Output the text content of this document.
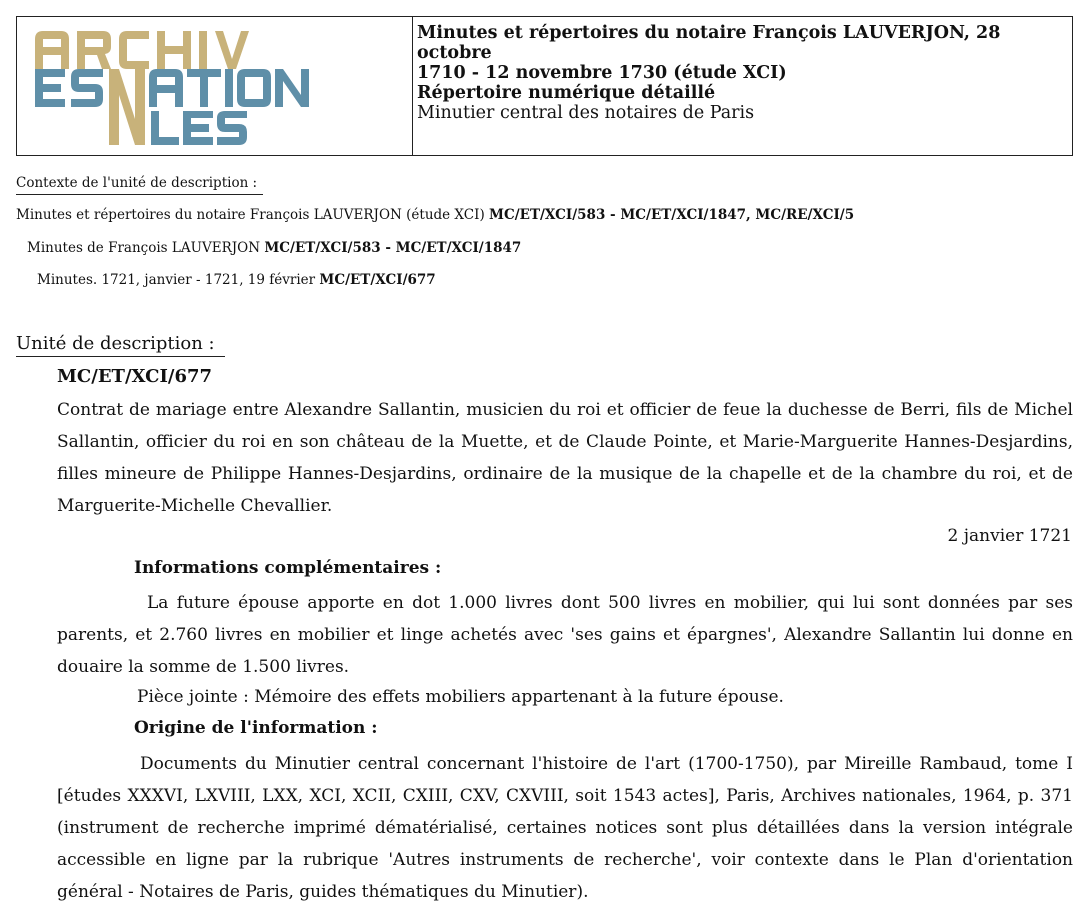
Minutes et répertoires du notaire François LAUVERJON, 28 octobre
1710 - 12 novembre 1730 (étude XCI)
Répertoire numérique détaillé
Minutier central des notaires de Paris
Contexte de l'unité de description :
Minutes et répertoires du notaire François LAUVERJON (étude XCI) MC/ET/XCI/583 - MC/ET/XCI/1847, MC/RE/XCI/5
Minutes de François LAUVERJON MC/ET/XCI/583 - MC/ET/XCI/1847
Minutes. 1721, janvier - 1721, 19 février MC/ET/XCI/677
Unité de description :
MC/ET/XCI/677
Contrat de mariage entre Alexandre Sallantin, musicien du roi et officier de feue la duchesse de Berri, fils de Michel Sallantin, officier du roi en son château de la Muette, et de Claude Pointe, et Marie-Marguerite Hannes-Desjardins, filles mineure de Philippe Hannes-Desjardins, ordinaire de la musique de la chapelle et de la chambre du roi, et de Marguerite-Michelle Chevallier.
2 janvier 1721
Informations complémentaires :
La future épouse apporte en dot 1.000 livres dont 500 livres en mobilier, qui lui sont données par ses parents, et 2.760 livres en mobilier et linge achetés avec 'ses gains et épargnes', Alexandre Sallantin lui donne en douaire la somme de 1.500 livres.
Pièce jointe : Mémoire des effets mobiliers appartenant à la future épouse.
Origine de l'information :
Documents du Minutier central concernant l'histoire de l'art (1700-1750), par Mireille Rambaud, tome I [études XXXVI, LXVIII, LXX, XCI, XCII, CXIII, CXV, CXVIII, soit 1543 actes], Paris, Archives nationales, 1964, p. 371 (instrument de recherche imprimé dématérialisé, certaines notices sont plus détaillées dans la version intégrale accessible en ligne par la rubrique 'Autres instruments de recherche', voir contexte dans le Plan d'orientation général - Notaires de Paris, guides thématiques du Minutier).
